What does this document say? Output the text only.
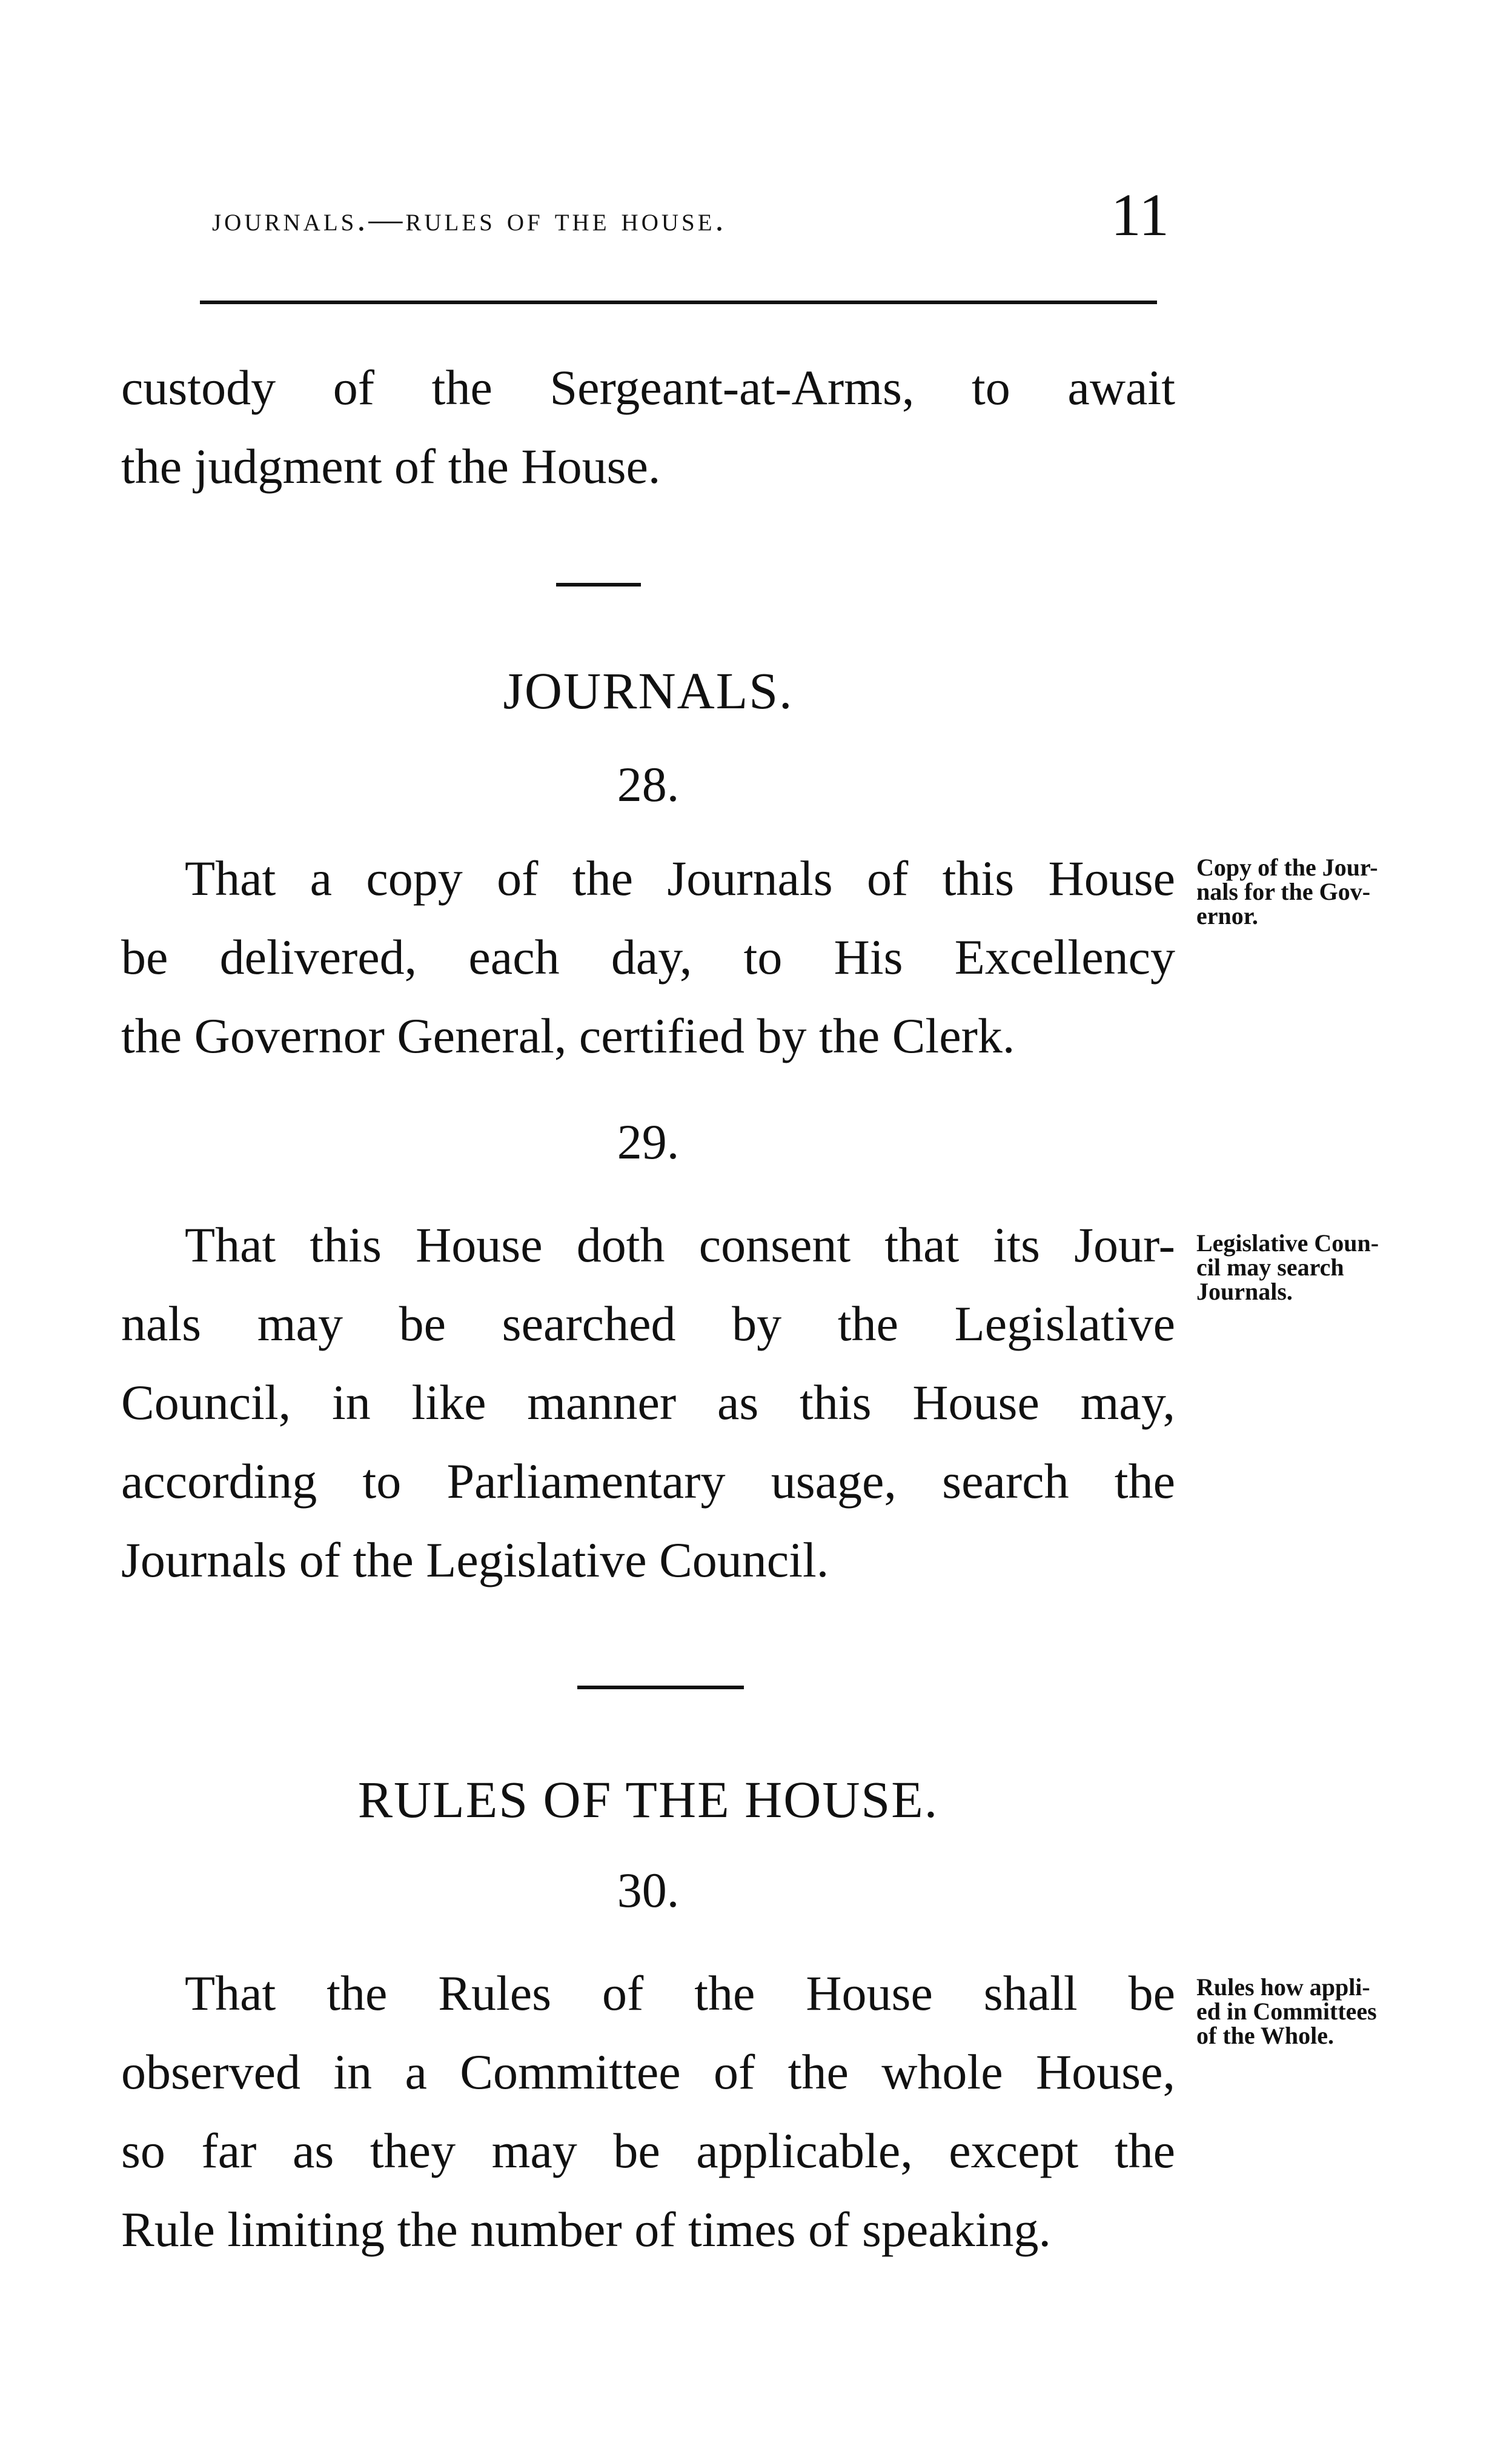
journals.—rules of the house.	11
custody of the Sergeant-at-Arms, to await
the judgment of the House.
JOURNALS.
28.
That a copy of the Journals of this House
be delivered, each day, to His Excellency
the Governor General, certified by the Clerk.
Copy of the Jour-
nals for the Gov-
ernor.
29.
That this House doth consent that its Jour-
nals may be searched by the Legislative
Council, in like manner as this House may,
according to Parliamentary usage, search the
Journals of the Legislative Council.
Legislative Coun-
cil may search
Journals.
RULES OF THE HOUSE.
30.
That the Rules of the House shall be
observed in a Committee of the whole House,
so far as they may be applicable, except the
Rule limiting the number of times of speaking.
Rules how appli-
ed in Committees
of the Whole.
